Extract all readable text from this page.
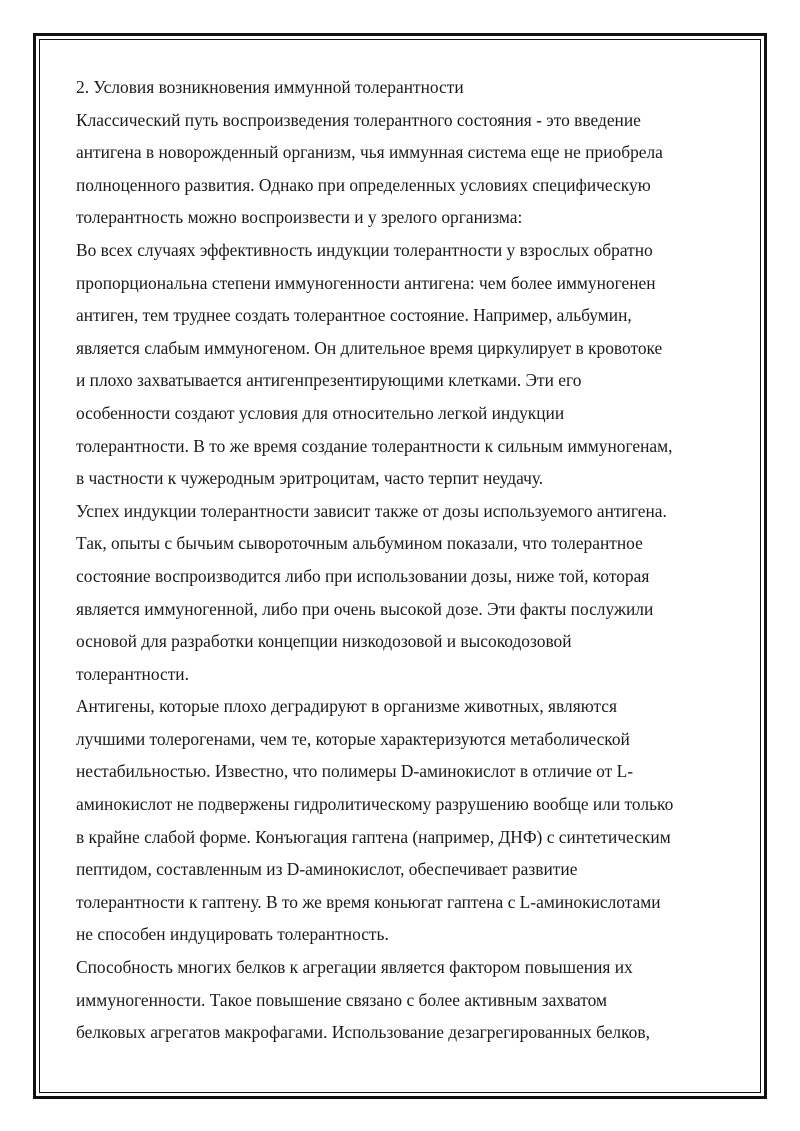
2. Условия возникновения иммунной толерантности
Классический путь воспроизведения толерантного состояния - это введение
антигена в новорожденный организм, чья иммунная система еще не приобрела
полноценного развития. Однако при определенных условиях специфическую
толерантность можно воспроизвести и у зрелого организма:
Во всех случаях эффективность индукции толерантности у взрослых обратно
пропорциональна степени иммуногенности антигена: чем более иммуногенен
антиген, тем труднее создать толерантное состояние. Например, альбумин,
является слабым иммуногеном. Он длительное время циркулирует в кровотоке
и плохо захватывается антигенпрезентирующими клетками. Эти его
особенности создают условия для относительно легкой индукции
толерантности. В то же время создание толерантности к сильным иммуногенам,
в частности к чужеродным эритроцитам, часто терпит неудачу.
Успех индукции толерантности зависит также от дозы используемого антигена.
Так, опыты с бычьим сывороточным альбумином показали, что толерантное
состояние воспроизводится либо при использовании дозы, ниже той, которая
является иммуногенной, либо при очень высокой дозе. Эти факты послужили
основой для разработки концепции низкодозовой и высокодозовой
толерантности.
Антигены, которые плохо деградируют в организме животных, являются
лучшими толерогенами, чем те, которые характеризуются метаболической
нестабильностью. Известно, что полимеры D-аминокислот в отличие от L-
аминокислот не подвержены гидролитическому разрушению вообще или только
в крайне слабой форме. Конъюгация гаптена (например, ДНФ) с синтетическим
пептидом, составленным из D-аминокислот, обеспечивает развитие
толерантности к гаптену. В то же время коньюгат гаптена с L-аминокислотами
не способен индуцировать толерантность.
Способность многих белков к агрегации является фактором повышения их
иммуногенности. Такое повышение связано с более активным захватом
белковых агрегатов макрофагами. Использование дезагрегированных белков,
